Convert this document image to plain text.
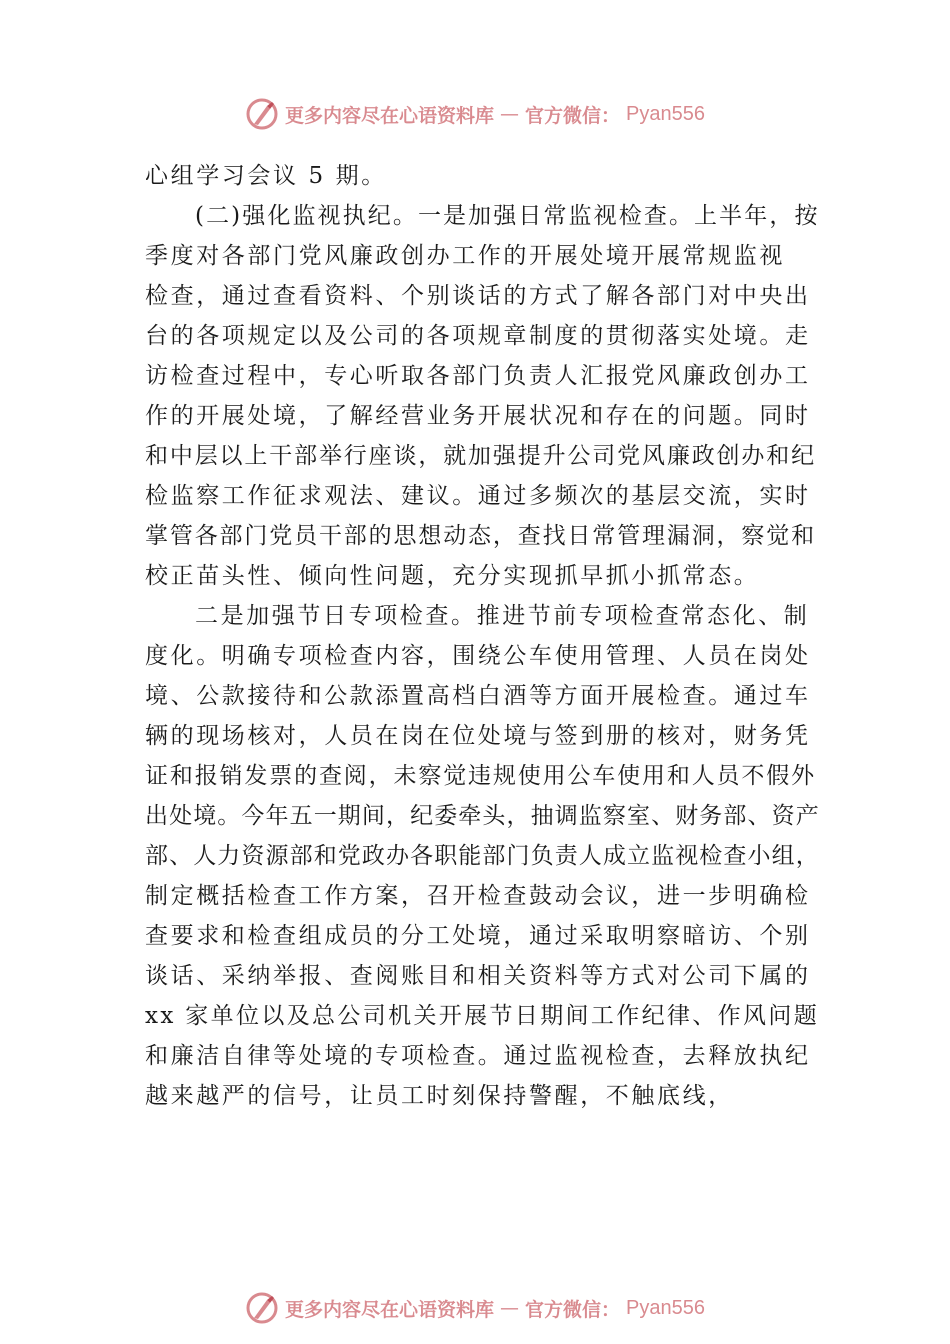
更多内容尽在心语资料库 — 官方微信： Pyan556
心组学习会议 5 期。
(二)强化监视执纪。一是加强日常监视检查。上半年，按
季度对各部门党风廉政创办工作的开展处境开展常规监视
检查，通过查看资料、个别谈话的方式了解各部门对中央出
台的各项规定以及公司的各项规章制度的贯彻落实处境。走
访检查过程中，专心听取各部门负责人汇报党风廉政创办工
作的开展处境，了解经营业务开展状况和存在的问题。同时
和中层以上干部举行座谈，就加强提升公司党风廉政创办和纪
检监察工作征求观法、建议。通过多频次的基层交流，实时
掌管各部门党员干部的思想动态，查找日常管理漏洞，察觉和
校正苗头性、倾向性问题，充分实现抓早抓小抓常态。
二是加强节日专项检查。推进节前专项检查常态化、制
度化。明确专项检查内容，围绕公车使用管理、人员在岗处
境、公款接待和公款添置高档白酒等方面开展检查。通过车
辆的现场核对，人员在岗在位处境与签到册的核对，财务凭
证和报销发票的查阅，未察觉违规使用公车使用和人员不假外
出处境。今年五一期间，纪委牵头，抽调监察室、财务部、资产
部、人力资源部和党政办各职能部门负责人成立监视检查小组，
制定概括检查工作方案，召开检查鼓动会议，进一步明确检
查要求和检查组成员的分工处境，通过采取明察暗访、个别
谈话、采纳举报、查阅账目和相关资料等方式对公司下属的
xx 家单位以及总公司机关开展节日期间工作纪律、作风问题
和廉洁自律等处境的专项检查。通过监视检查，去释放执纪
越来越严的信号，让员工时刻保持警醒，不触底线，
更多内容尽在心语资料库 — 官方微信： Pyan556
